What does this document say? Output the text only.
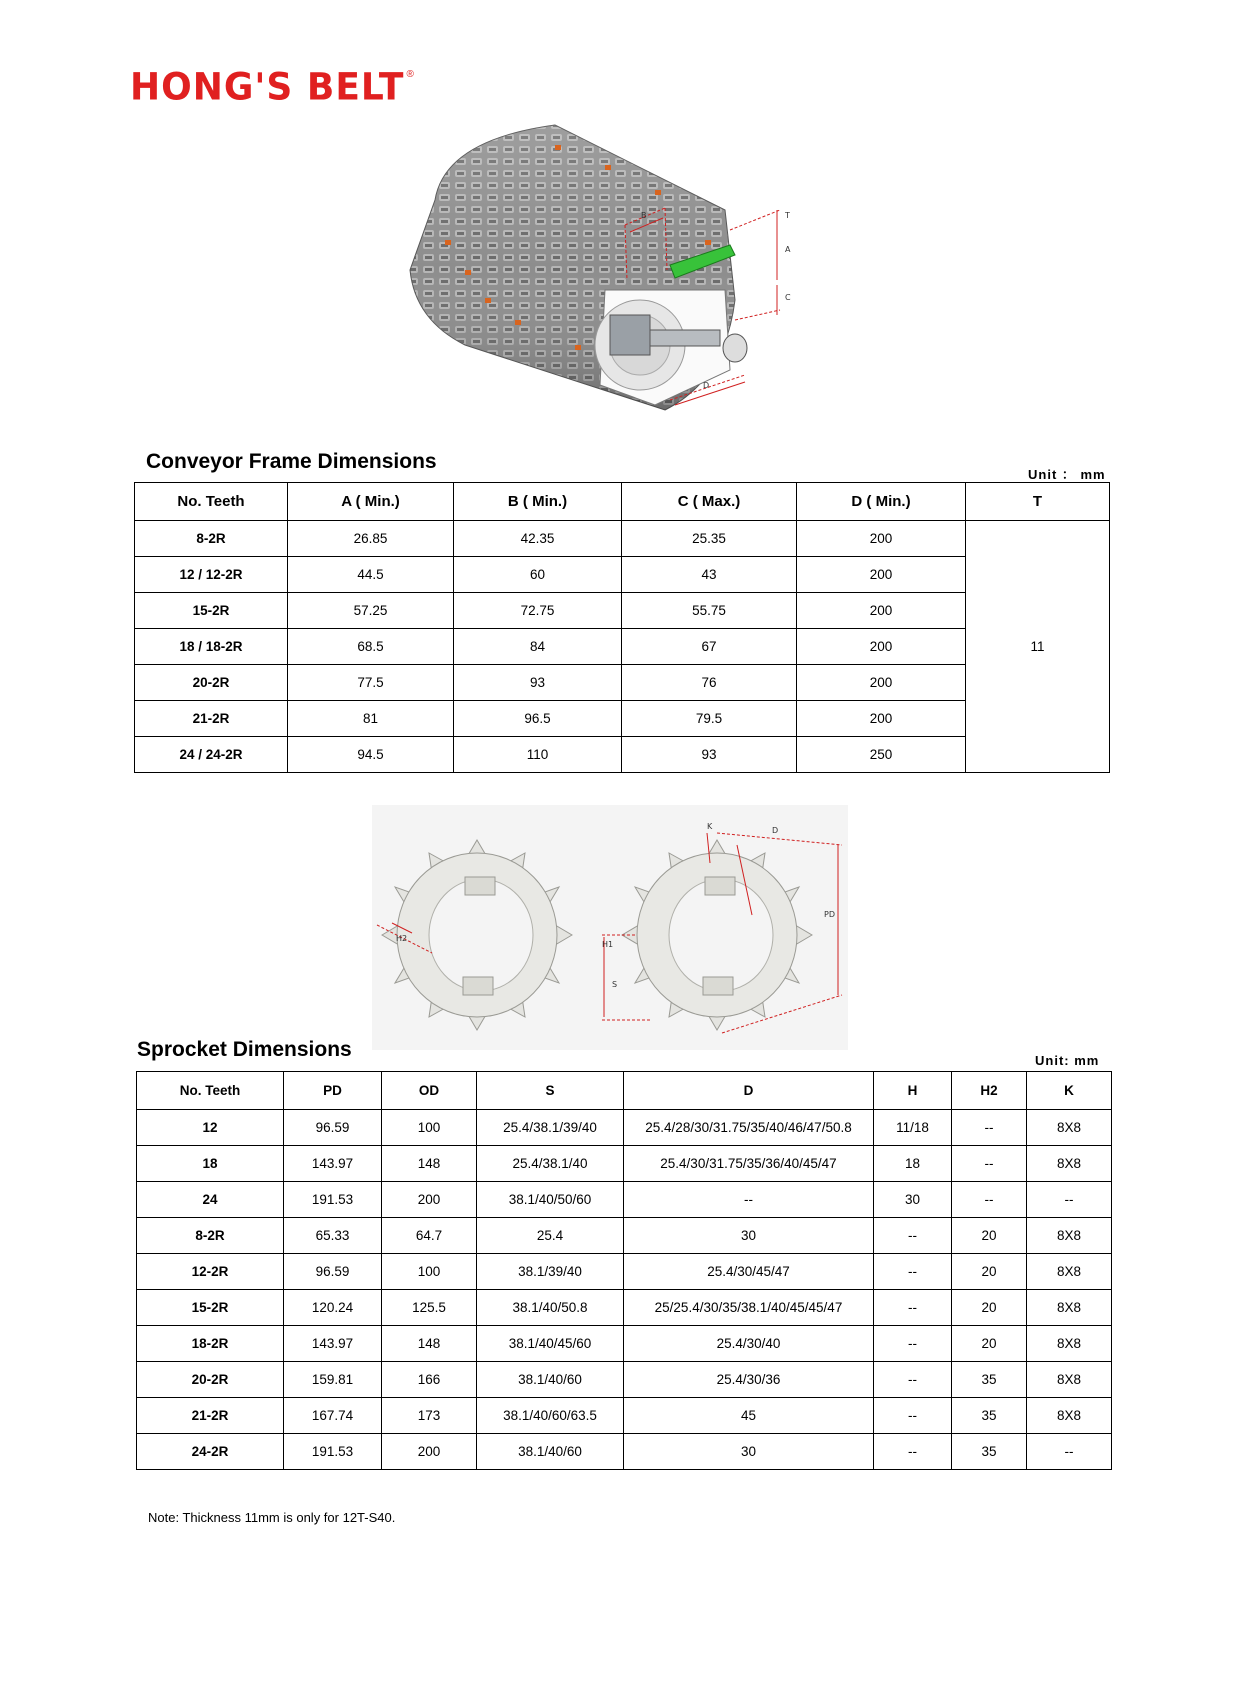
HONG'S BELT ®
T
A
C
B
D
Conveyor Frame Dimensions
Unit ： mm
No. Teeth	A ( Min.)	B ( Min.)	C ( Max.)	D ( Min.)	T
8-2R	26.85	42.35	25.35	200	11
12 / 12-2R	44.5	60	43	200	
15-2R	57.25	72.75	55.75	200	
18 / 18-2R	68.5	84	67	200	
20-2R	77.5	93	76	200	
21-2R	81	96.5	79.5	200	
24 / 24-2R	94.5	110	93	250	
K	D
PD
H1
S
H2
Sprocket Dimensions	Unit: mm
No. Teeth	PD	OD	S	D	H	H2	K
12	96.59	100	25.4/38.1/39/40	25.4/28/30/31.75/35/40/46/47/50.8	11/18	--	8X8
18	143.97	148	25.4/38.1/40	25.4/30/31.75/35/36/40/45/47	18	--	8X8
24	191.53	200	38.1/40/50/60	--	30	--	--
8-2R	65.33	64.7	25.4	30	--	20	8X8
12-2R	96.59	100	38.1/39/40	25.4/30/45/47	--	20	8X8
15-2R	120.24	125.5	38.1/40/50.8	25/25.4/30/35/38.1/40/45/45/47	--	20	8X8
18-2R	143.97	148	38.1/40/45/60	25.4/30/40	--	20	8X8
20-2R	159.81	166	38.1/40/60	25.4/30/36	--	35	8X8
21-2R	167.74	173	38.1/40/60/63.5	45	--	35	8X8
24-2R	191.53	200	38.1/40/60	30	--	35	--
Note: Thickness 11mm is only for 12T-S40.
